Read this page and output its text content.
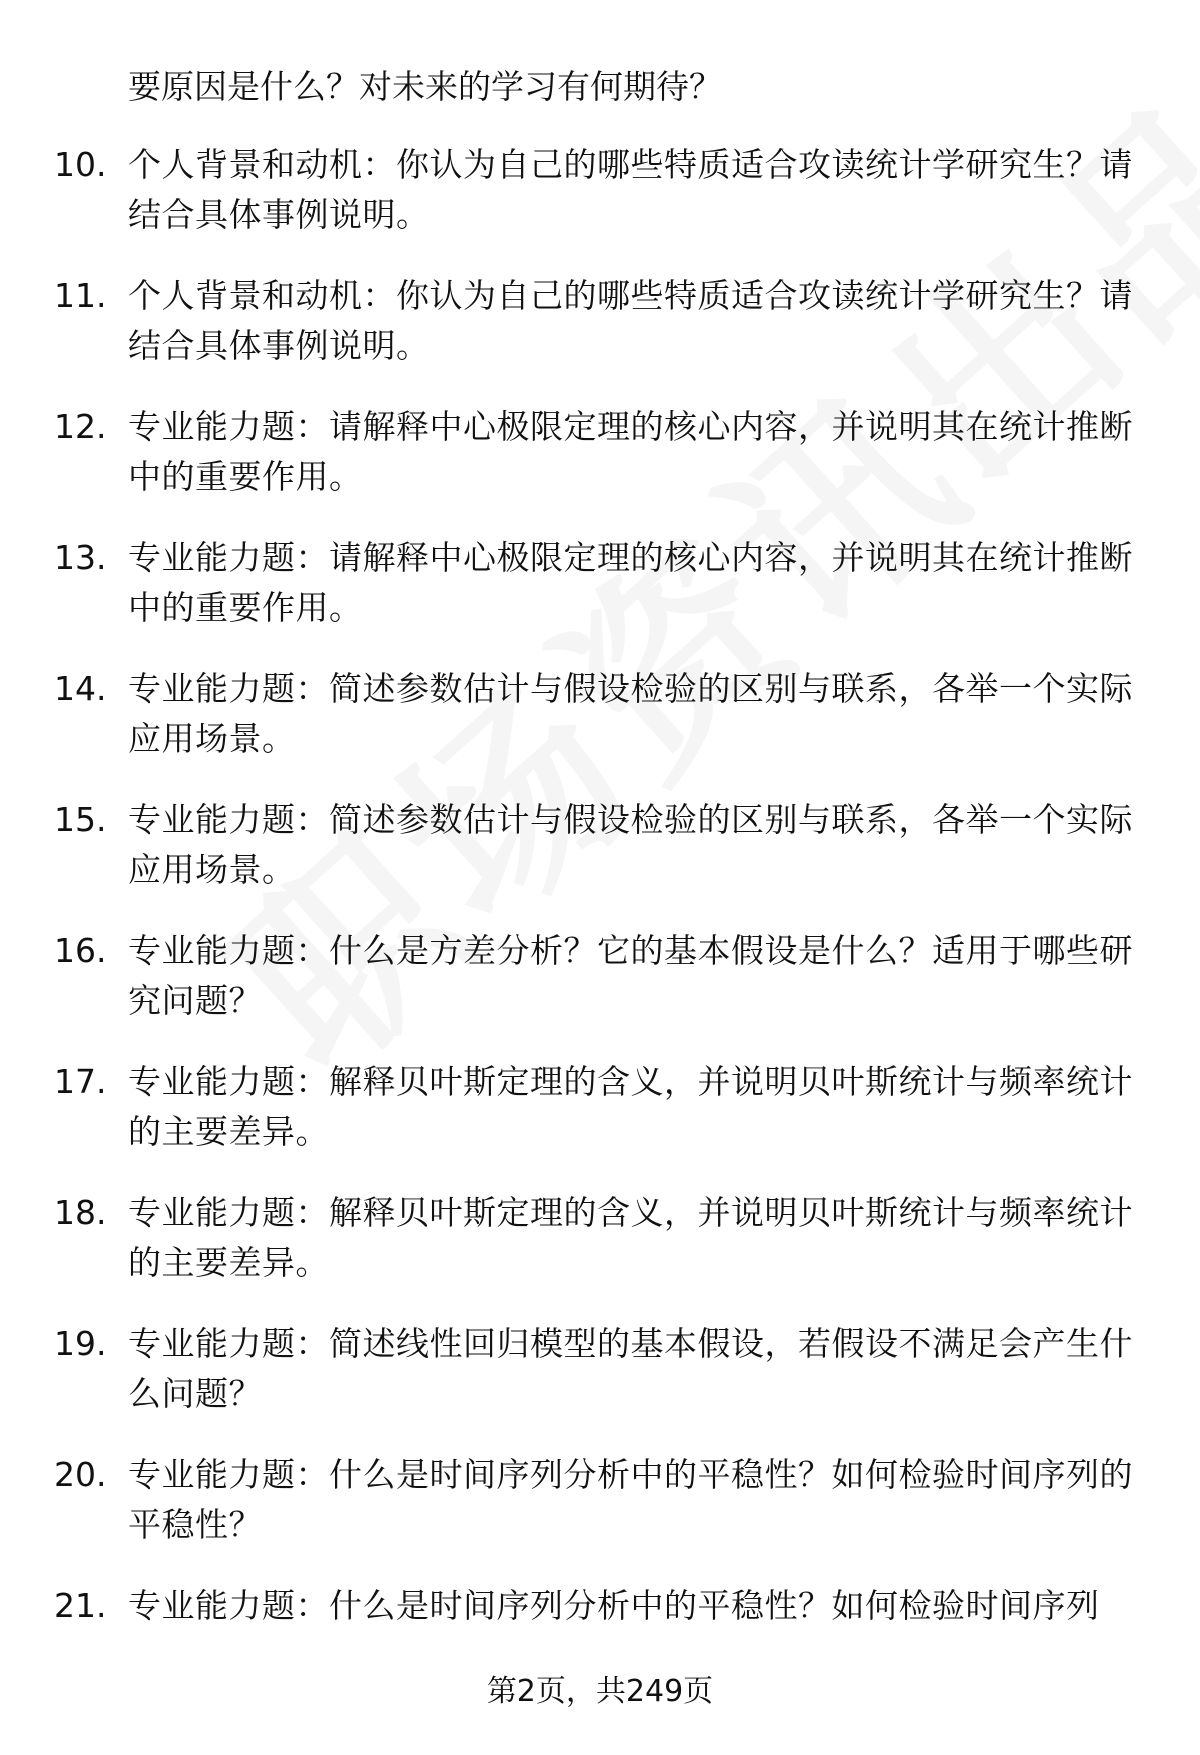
要原因是什么？对未来的学习有何期待？
10. 个人背景和动机：你认为自己的哪些特质适合攻读统计学研究生？请结合具体事例说明。
11. 个人背景和动机：你认为自己的哪些特质适合攻读统计学研究生？请结合具体事例说明。
12. 专业能力题：请解释中心极限定理的核心内容，并说明其在统计推断中的重要作用。
13. 专业能力题：请解释中心极限定理的核心内容，并说明其在统计推断中的重要作用。
14. 专业能力题：简述参数估计与假设检验的区别与联系，各举一个实际应用场景。
15. 专业能力题：简述参数估计与假设检验的区别与联系，各举一个实际应用场景。
16. 专业能力题：什么是方差分析？它的基本假设是什么？适用于哪些研究问题？
17. 专业能力题：解释贝叶斯定理的含义，并说明贝叶斯统计与频率统计的主要差异。
18. 专业能力题：解释贝叶斯定理的含义，并说明贝叶斯统计与频率统计的主要差异。
19. 专业能力题：简述线性回归模型的基本假设，若假设不满足会产生什么问题？
20. 专业能力题：什么是时间序列分析中的平稳性？如何检验时间序列的平稳性？
21. 专业能力题：什么是时间序列分析中的平稳性？如何检验时间序列
第2页，共249页
